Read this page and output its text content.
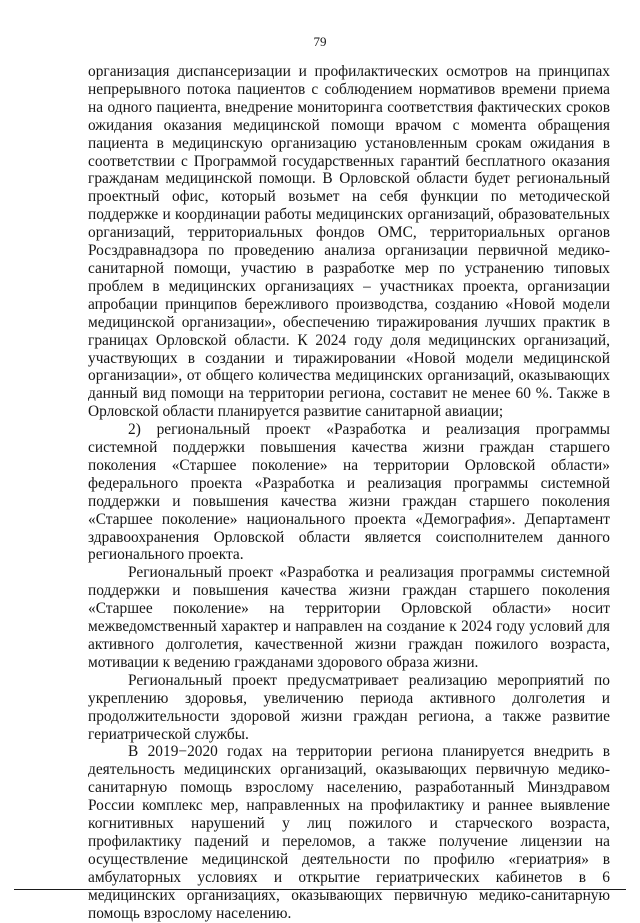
79

организация диспансеризации и профилактических осмотров на принципах непрерывного потока пациентов с соблюдением нормативов времени приема на одного пациента, внедрение мониторинга соответствия фактических сроков ожидания оказания медицинской помощи врачом с момента обращения пациента в медицинскую организацию установленным срокам ожидания в соответствии с Программой государственных гарантий бесплатного оказания гражданам медицинской помощи. В Орловской области будет региональный проектный офис, который возьмет на себя функции по методической поддержке и координации работы медицинских организаций, образовательных организаций, территориальных фондов ОМС, территориальных органов Росздравнадзора по проведению анализа организации первичной медико-санитарной помощи, участию в разработке мер по устранению типовых проблем в медицинских организациях – участниках проекта, организации апробации принципов бережливого производства, созданию «Новой модели медицинской организации», обеспечению тиражирования лучших практик в границах Орловской области. К 2024 году доля медицинских организаций, участвующих в создании и тиражировании «Новой модели медицинской организации», от общего количества медицинских организаций, оказывающих данный вид помощи на территории региона, составит не менее 60 %. Также в Орловской области планируется развитие санитарной авиации;

2) региональный проект «Разработка и реализация программы системной поддержки повышения качества жизни граждан старшего поколения «Старшее поколение» на территории Орловской области» федерального проекта «Разработка и реализация программы системной поддержки и повышения качества жизни граждан старшего поколения «Старшее поколение» национального проекта «Демография». Департамент здравоохранения Орловской области является соисполнителем данного регионального проекта.

Региональный проект «Разработка и реализация программы системной поддержки и повышения качества жизни граждан старшего поколения «Старшее поколение» на территории Орловской области» носит межведомственный характер и направлен на создание к 2024 году условий для активного долголетия, качественной жизни граждан пожилого возраста, мотивации к ведению гражданами здорового образа жизни.

Региональный проект предусматривает реализацию мероприятий по укреплению здоровья, увеличению периода активного долголетия и продолжительности здоровой жизни граждан региона, а также развитие гериатрической службы.

В 2019−2020 годах на территории региона планируется внедрить в деятельность медицинских организаций, оказывающих первичную медико-санитарную помощь взрослому населению, разработанный Минздравом России комплекс мер, направленных на профилактику и раннее выявление когнитивных нарушений у лиц пожилого и старческого возраста, профилактику падений и переломов, а также получение лицензии на осуществление медицинской деятельности по профилю «гериатрия» в амбулаторных условиях и открытие гериатрических кабинетов в 6 медицинских организациях, оказывающих первичную медико-санитарную помощь взрослому населению.
